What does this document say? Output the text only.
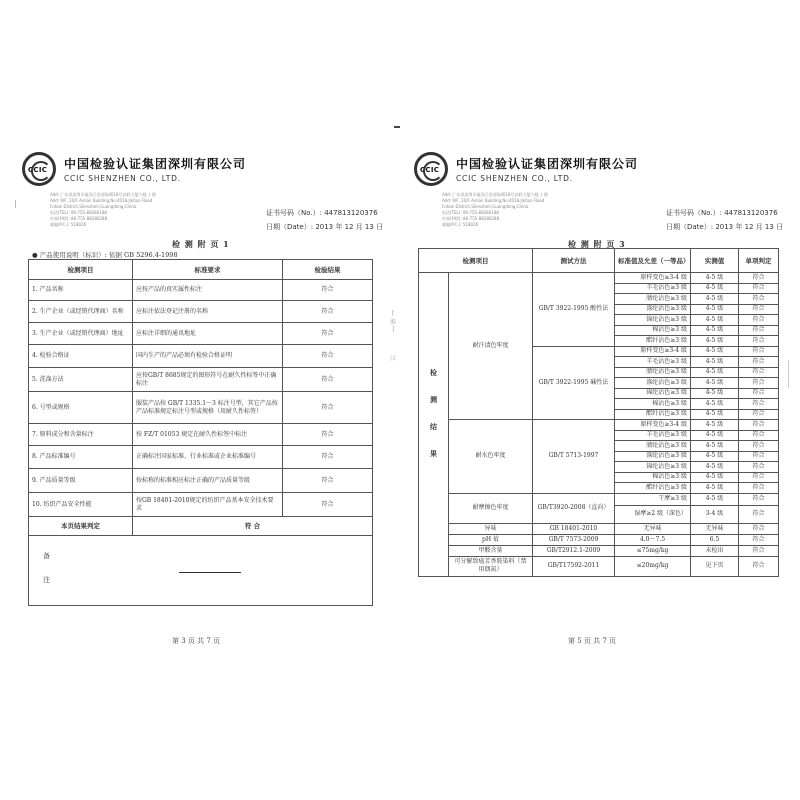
CCIC 中国检验认证集团深圳有限公司
CCIC SHENZHEN CO., LTD.
Add: 广东省深圳市福田区金田路4018号安联大厦九楼 十楼
Add: 9/F, 10/F Anlian Building,No.4018,Jintian Road
Futian District,Shenzhen,Guangdong,China
电话(TEL): 86-755-88286188
传真(FAX): 86-755-88286288
邮编(P.C.): 518026
证书号码（No.）: 447813120376
日期（Date）: 2013 年 12 月 13 日
检 测 附 页 1
● 产品使用说明（标识）: 依据 GB 5296.4-1998
检测项目	标准要求	检验结果
1. 产品名称	应按产品的真实属性标注	符合
2. 生产企业（或经销代理商）名称	应标注依法登记注册的名称	符合
3. 生产企业（或经销代理商）地址	应标注详细的通讯地址	符合
4. 检验合格证	国内生产的产品必须有检验合格证明	符合
5. 洗涤方法	应按GB/T 8685规定的图形符号在耐久性标签中正确标注	符合
6. 号型或规格	服装产品按 GB/T 1335.1～3 标注号型，其它产品按产品标准规定标注号型或规格（用耐久性标签）	符合
7. 原料成分和含量标注	按 FZ/T 01053 规定在耐久性标签中标注	符合
8. 产品标准编号	正确标注国家标准、行业标准或企业标准编号	符合
9. 产品质量等级	按标称的标准相应标注正确的产品质量等级	符合
10. 纺织产品安全性能	按GB 18401-2010规定的纺织产品基本安全技术要求	符合
本页结果判定	符 合	

备
注		
第 3 页 共 7 页
[
淮
]
汉
CCIC 中国检验认证集团深圳有限公司
CCIC SHENZHEN CO., LTD.
Add: 广东省深圳市福田区金田路4018号安联大厦九楼 十楼
Add: 9/F, 10/F Anlian Building,No.4018,Jintian Road
Futian District,Shenzhen,Guangdong,China
电话(TEL): 86-755-88286188
传真(FAX): 86-755-88286288
邮编(P.C.): 518026
证书号码（No.）: 447813120376
日期（Date）: 2013 年 12 月 13 日
检 测 附 页 3
检测项目		测试方法	标准值及允差（一等品）	实测值	单项判定
检测结果	耐汗渍色牢度	GB/T 3922-1995 酸性法	原样变色≥3-4 级	4-5 级	符合
			羊毛沾色≥3 级	4-5 级	符合
			腈纶沾色≥3 级	4-5 级	符合
			涤纶沾色≥3 级	4-5 级	符合
			锦纶沾色≥3 级	4-5 级	符合
			棉沾色≥3 级	4-5 级	符合
			醋纤沾色≥3 级	4-5 级	符合
		GB/T 3922-1995 碱性法	原样变色≥3-4 级	4-5 级	符合
			羊毛沾色≥3 级	4-5 级	符合
			腈纶沾色≥3 级	4-5 级	符合
			涤纶沾色≥3 级	4-5 级	符合
			锦纶沾色≥3 级	4-5 级	符合
			棉沾色≥3 级	4-5 级	符合
			醋纤沾色≥3 级	4-5 级	符合
	耐水色牢度	GB/T 5713-1997	原样变色≥3-4 级	4-5 级	符合
			羊毛沾色≥3 级	4-5 级	符合
			腈纶沾色≥3 级	4-5 级	符合
			涤纶沾色≥3 级	4-5 级	符合
			锦纶沾色≥3 级	4-5 级	符合
			棉沾色≥3 级	4-5 级	符合
			醋纤沾色≥3 级	4-5 级	符合
	耐摩擦色牢度	GB/T3920-2008（直向）	干摩≥3 级	4-5 级	符合
			湿摩≥2 级（深色）	3-4 级	符合
	异味	GB 18401-2010	无异味	无异味	符合
	pH 值	GB/T 7573-2009	4.0～7.5	6.5	符合
	甲醛含量	GB/T2912.1-2009	≤75mg/kg	未检出	符合
	可分解致癌芳香胺染料（禁用偶氮）	GB/T17592-2011	≤20mg/kg	见下页	符合
第 5 页 共 7 页
